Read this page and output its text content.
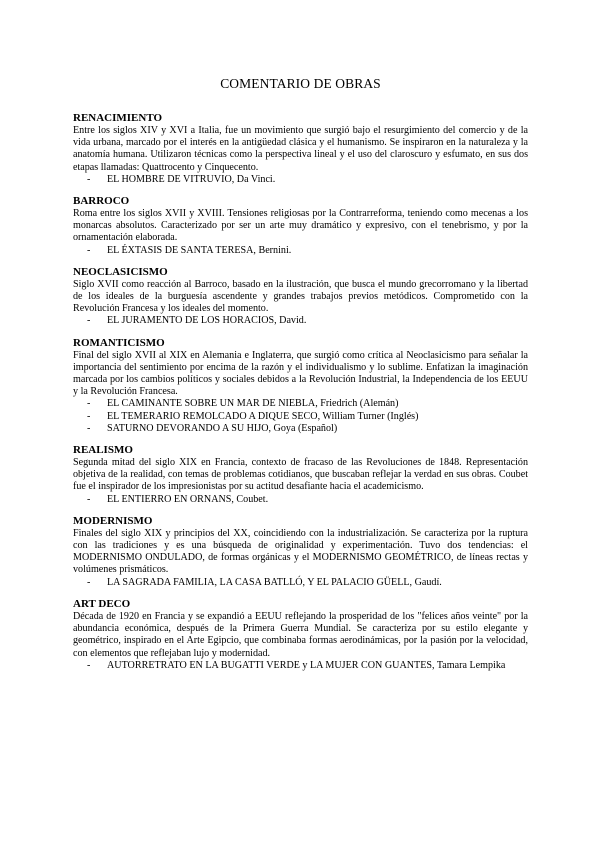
COMENTARIO DE OBRAS
RENACIMIENTO

Entre los siglos XIV y XVI a Italia, fue un movimiento que surgió bajo el resurgimiento del comercio y de la vida urbana, marcado por el interés en la antigüedad clásica y el humanismo. Se inspiraron en la naturaleza y la anatomía humana. Utilizaron técnicas como la perspectiva lineal y el uso del claroscuro y esfumato, en sus dos etapas llamadas: Quattrocento y Cinquecento.

- EL HOMBRE DE VITRUVIO, Da Vinci.
BARROCO

Roma entre los siglos XVII y XVIII. Tensiones religiosas por la Contrarreforma, teniendo como mecenas a los monarcas absolutos. Caracterizado por ser un arte muy dramático y expresivo, con el tenebrismo, y por la ornamentación elaborada.

- EL ÉXTASIS DE SANTA TERESA, Bernini.
NEOCLASICISMO

Siglo XVII como reacción al Barroco, basado en la ilustración, que busca el mundo grecorromano y la libertad de los ideales de la burguesía ascendente y grandes trabajos previos metódicos. Comprometido con la Revolución Francesa y los ideales del momento.

- EL JURAMENTO DE LOS HORACIOS, David.
ROMANTICISMO

Final del siglo XVII al XIX en Alemania e Inglaterra, que surgió como crítica al Neoclasicismo para señalar la importancia del sentimiento por encima de la razón y el individualismo y lo sublime. Enfatizan la imaginación marcada por los cambios políticos y sociales debidos a la Revolución Industrial, la Independencia de los EEUU y la Revolución Francesa.

- EL CAMINANTE SOBRE UN MAR DE NIEBLA, Friedrich (Alemán)
- EL TEMERARIO REMOLCADO A DIQUE SECO, William Turner (Inglés)
- SATURNO DEVORANDO A SU HIJO, Goya (Español)
REALISMO

Segunda mitad del siglo XIX en Francia, contexto de fracaso de las Revoluciones de 1848. Representación objetiva de la realidad, con temas de problemas cotidianos, que buscaban reflejar la verdad en sus obras. Coubet fue el inspirador de los impresionistas por su actitud desafiante hacia el academicismo.

- EL ENTIERRO EN ORNANS, Coubet.
MODERNISMO

Finales del siglo XIX y principios del XX, coincidiendo con la industrialización. Se caracteriza por la ruptura con las tradiciones y es una búsqueda de originalidad y experimentación. Tuvo dos tendencias: el MODERNISMO ONDULADO, de formas orgánicas y el MODERNISMO GEOMÉTRICO, de líneas rectas y volúmenes prismáticos.

- LA SAGRADA FAMILIA, LA CASA BATLLÓ, Y EL PALACIO GÜELL, Gaudí.
ART DECO

Década de 1920 en Francia y se expandió a EEUU reflejando la prosperidad de los "felices años veinte" por la abundancia económica, después de la Primera Guerra Mundial. Se caracteriza por su estilo elegante y geométrico, inspirado en el Arte Egipcio, que combinaba formas aerodinámicas, por la pasión por la velocidad, con elementos que reflejaban lujo y modernidad.

- AUTORRETRATO EN LA BUGATTI VERDE y LA MUJER CON GUANTES, Tamara Lempika
